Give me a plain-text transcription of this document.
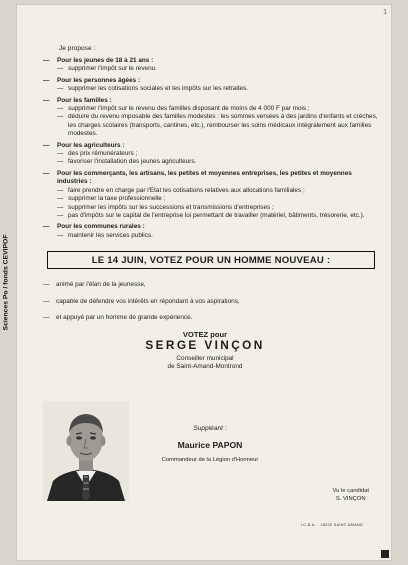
Sciences Po / fonds CEVIPOF
1
Je propose :
—	Pour les jeunes de 18 à 21 ans :
— supprimer l'impôt sur le revenu.
—	Pour les personnes âgées :
— supprimer les cotisations sociales et les impôts sur les retraites.
—	Pour les familles :
— supprimer l'impôt sur le revenu des familles disposant de moins de 4 000 F par mois ;
— déduire du revenu imposable des familles modestes : les sommes versées à des jardins d'enfants et crèches, les charges scolaires (transports, cantines, etc.), rembourser les soins médicaux intégralement aux familles modestes.
—	Pour les agriculteurs :
— des prix rémunérateurs ;
— favoriser l'installation des jeunes agriculteurs.
—	Pour les commerçants, les artisans, les petites et moyennes entreprises, les petites et moyennes industries :
— faire prendre en charge par l'Etat les cotisations relatives aux allocations familiales ;
— supprimer la taxe professionnelle ;
— supprimer les impôts sur les successions et transmissions d'entreprises ;
— pas d'impôts sur le capital de l'entreprise lui permettant de travailler (matériel, bâtiments, trésorerie, etc.).
—	Pour les communes rurales :
— maintenir les services publics.
LE 14 JUIN, VOTEZ POUR UN HOMME NOUVEAU :
—	animé par l'élan de la jeunesse,
—	capable de défendre vos intérêts en répondant à vos aspirations,
—	et appuyé par un homme de grande expérience.
VOTEZ pour
SERGE VINÇON
Conseiller municipal
de Saint-Amand-Montrond
Suppléant :
Maurice PAPON
Commandeur de la Légion d'Honneur
Vu le candidat
S. VINÇON
I.C.B.A. - 18200 SAINT-AMAND
